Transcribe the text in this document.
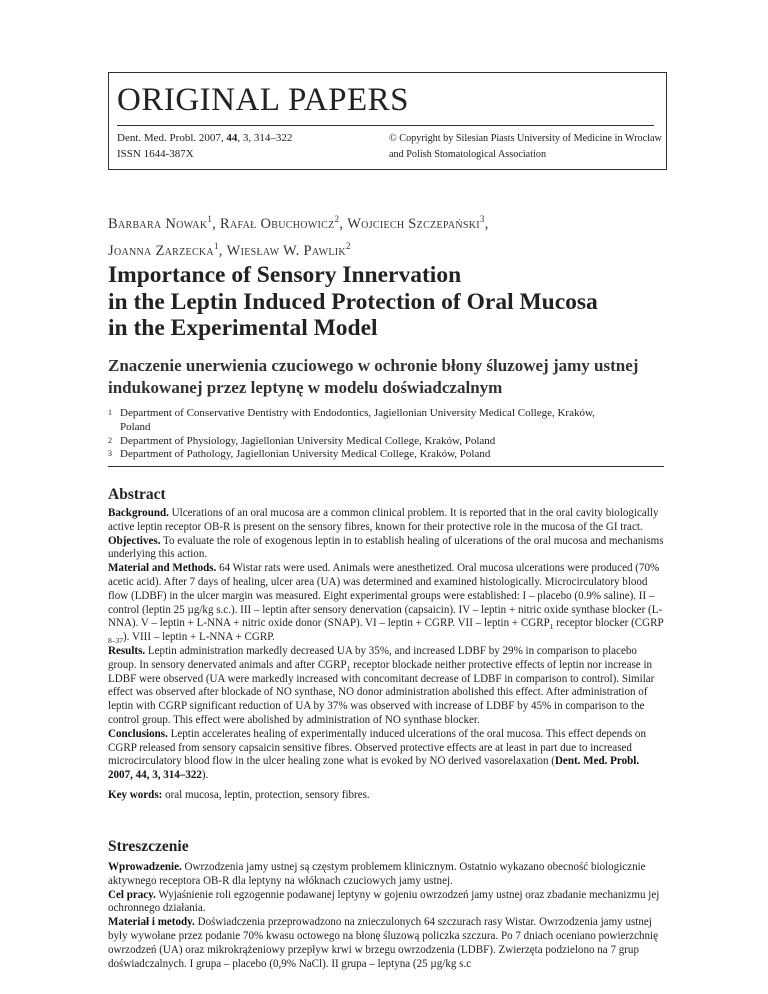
ORIGINAL PAPERS
Dent. Med. Probl. 2007, 44, 3, 314–322
ISSN 1644-387X
© Copyright by Silesian Piasts University of Medicine in Wrocław
and Polish Stomatological Association
Barbara Nowak$^1$, Rafał Obuchowicz$^2$, Wojciech Szczepański$^3$,
Joanna Zarzecka$^1$, Wiesław W. Pawlik$^2$
Importance of Sensory Innervation
in the Leptin Induced Protection of Oral Mucosa
in the Experimental Model
Znaczenie unerwienia czuciowego w ochronie błony śluzowej jamy ustnej
indukowanej przez leptynę w modelu doświadczalnym
1 Department of Conservative Dentistry with Endodontics, Jagiellonian University Medical College, Kraków,
Poland
2 Department of Physiology, Jagiellonian University Medical College, Kraków, Poland
3 Department of Pathology, Jagiellonian University Medical College, Kraków, Poland
Abstract

Background. Ulcerations of an oral mucosa are a common clinical problem. It is reported that in the oral cavity biologically active leptin receptor OB-R is present on the sensory fibres, known for their protective role in the mucosa of the GI tract.

Objectives. To evaluate the role of exogenous leptin in to establish healing of ulcerations of the oral mucosa and mechanisms underlying this action.

Material and Methods. 64 Wistar rats were used. Animals were anesthetized. Oral mucosa ulcerations were produced (70% acetic acid). After 7 days of healing, ulcer area (UA) was determined and examined histologically. Microcirculatory blood flow (LDBF) in the ulcer margin was measured. Eight experimental groups were established: I – placebo (0.9% saline). II – control (leptin 25 µg/kg s.c.). III – leptin after sensory denervation (capsaicin). IV – leptin + nitric oxide synthase blocker (L-NNA). V – leptin + L-NNA + nitric oxide donor (SNAP). VI – leptin + CGRP. VII – leptin + $CGRP_1$ receptor blocker (CGRP $_{8-37}$). VIII – leptin + L-NNA + CGRP.

Results. Leptin administration markedly decreased UA by 35%, and increased LDBF by 29% in comparison to placebo group. In sensory denervated animals and after $CGRP_1$ receptor blockade neither protective effects of leptin nor increase in LDBF were observed (UA were markedly increased with concomitant decrease of LDBF in comparison to control). Similar effect was observed after blockade of NO synthase, NO donor administration abolished this effect. After administration of leptin with CGRP significant reduction of UA by 37% was observed with increase of LDBF by 45% in comparison to the control group. This effect were abolished by administration of NO synthase blocker.

Conclusions. Leptin accelerates healing of experimentally induced ulcerations of the oral mucosa. This effect depends on CGRP released from sensory capsaicin sensitive fibres. Observed protective effects are at least in part due to increased microcirculatory blood flow in the ulcer healing zone what is evoked by NO derived vasorelaxation (Dent. Med. Probl. 2007, 44, 3, 314–322).

Key words: oral mucosa, leptin, protection, sensory fibres.

Streszczenie

Wprowadzenie. Owrzodzenia jamy ustnej są częstym problemem klinicznym. Ostatnio wykazano obecność biologicznie aktywnego receptora OB-R dla leptyny na włóknach czuciowych jamy ustnej.

Cel pracy. Wyjaśnienie roli egzogennie podawanej leptyny w gojeniu owrzodzeń jamy ustnej oraz zbadanie mechanizmu jej ochronnego działania.

Materiał i metody. Doświadczenia przeprowadzono na znieczulonych 64 szczurach rasy Wistar. Owrzodzenia jamy ustnej były wywołane przez podanie 70% kwasu octowego na błonę śluzową policzka szczura. Po 7 dniach oceniano powierzchnię owrzodzeń (UA) oraz mikrokrążeniowy przepływ krwi w brzegu owrzodzenia (LDBF). Zwierzęta podzielono na 7 grup doświadczalnych. I grupa – placebo (0,9% NaCl). II grupa – leptyna (25 µg/kg s.c
